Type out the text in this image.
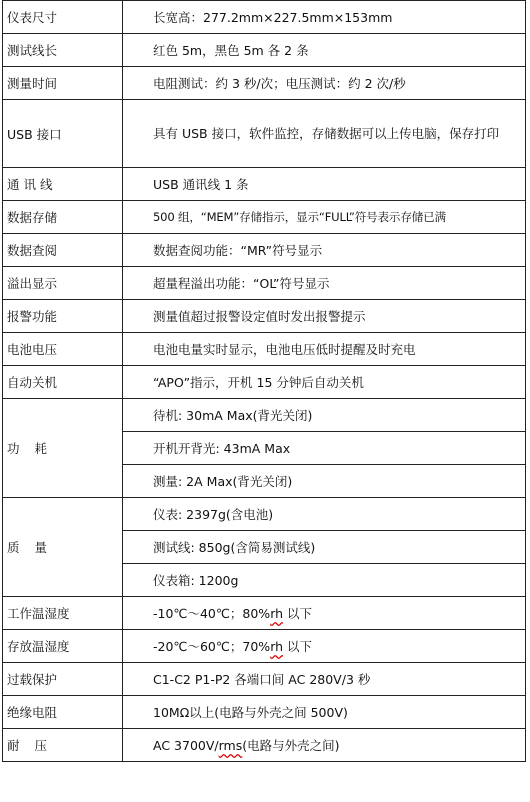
仪表尺寸	长宽高：277.2mm×227.5mm×153mm
测试线长	红色 5m，黑色 5m 各 2 条
测量时间	电阻测试：约 3 秒/次；电压测试：约 2 次/秒
USB 接口	具有 USB 接口，软件监控，存储数据可以上传电脑，保存打印
通 讯 线	USB 通讯线 1 条
数据存储	500 组，“MEM”存储指示，显示“FULL”符号表示存储已满
数据查阅	数据查阅功能：“MR”符号显示
溢出显示	超量程溢出功能：“OL”符号显示
报警功能	测量值超过报警设定值时发出报警提示
电池电压	电池电量实时显示，电池电压低时提醒及时充电
自动关机	“APO”指示，开机 15 分钟后自动关机
功耗	待机: 30mA Max(背光关闭)
	开机开背光: 43mA Max
	测量: 2A Max(背光关闭)
质量	仪表: 2397g(含电池)
	测试线: 850g(含简易测试线)
	仪表箱: 1200g
工作温湿度	-10℃～40℃；80%rh 以下
存放温湿度	-20℃～60℃；70%rh 以下
过载保护	C1-C2 P1-P2 各端口间 AC 280V/3 秒
绝缘电阻	10MΩ以上(电路与外壳之间 500V)
耐压	AC 3700V/rms(电路与外壳之间)
